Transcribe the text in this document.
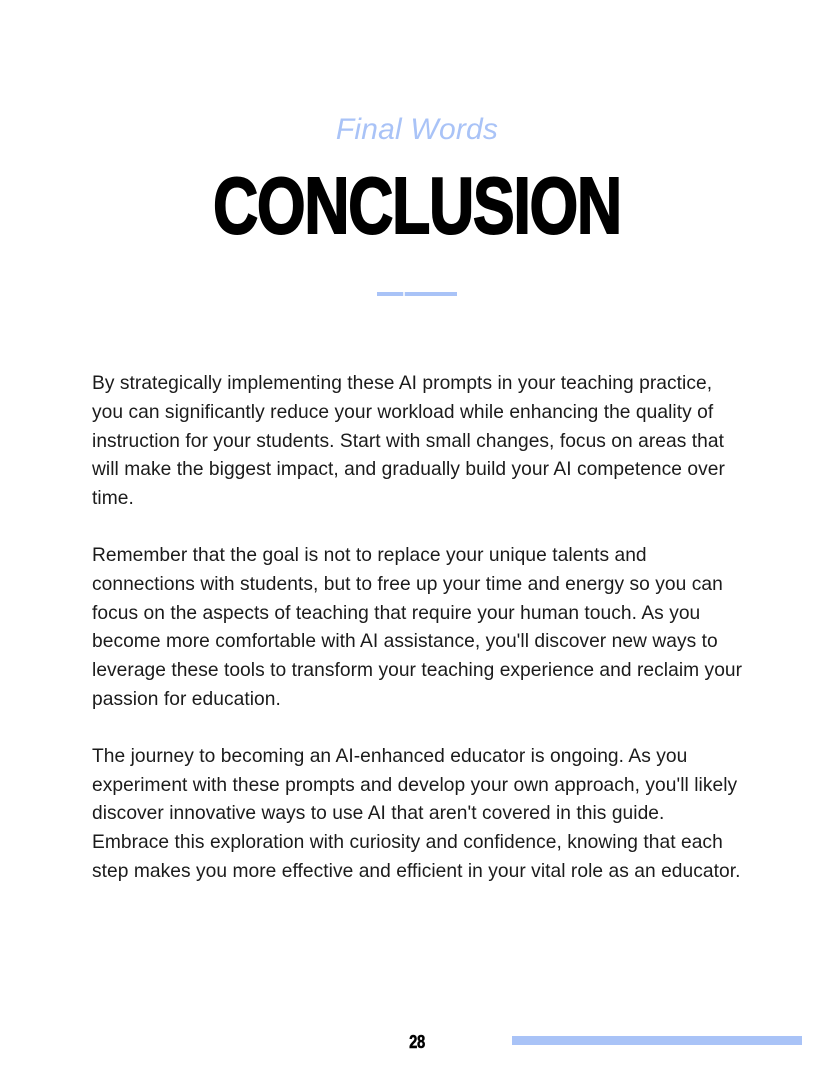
Final Words
CONCLUSION

By strategically implementing these AI prompts in your teaching practice, you can significantly reduce your workload while enhancing the quality of instruction for your students. Start with small changes, focus on areas that will make the biggest impact, and gradually build your AI competence over time.

Remember that the goal is not to replace your unique talents and connections with students, but to free up your time and energy so you can focus on the aspects of teaching that require your human touch. As you become more comfortable with AI assistance, you'll discover new ways to leverage these tools to transform your teaching experience and reclaim your passion for education.

The journey to becoming an AI-enhanced educator is ongoing. As you experiment with these prompts and develop your own approach, you'll likely discover innovative ways to use AI that aren't covered in this guide. Embrace this exploration with curiosity and confidence, knowing that each step makes you more effective and efficient in your vital role as an educator.

28
